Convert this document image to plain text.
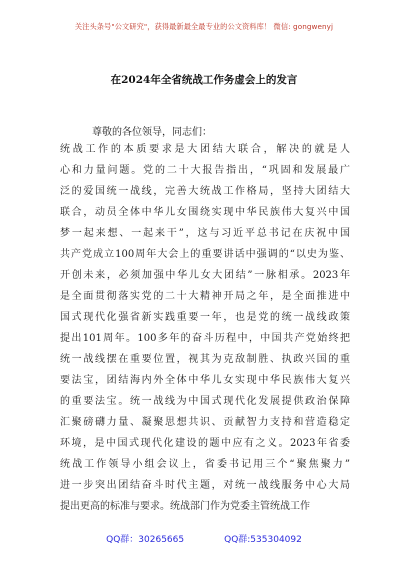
关注头条号"公文研究"，获得最新最全最专业的公文资料库！ 微信: gongwenyj
在2024年全省统战工作务虚会上的发言
尊敬的各位领导，同志们：
统战工作的本质要求是大团结大联合，解决的就是人
心和力量问题。党的二十大报告指出，“巩固和发展最广
泛的爱国统一战线，完善大统战工作格局，坚持大团结大
联合，动员全体中华儿女围绕实现中华民族伟大复兴中国
梦一起来想、一起来干”，这与习近平总书记在庆祝中国
共产党成立100周年大会上的重要讲话中强调的“以史为鉴、
开创未来，必须加强中华儿女大团结”一脉相承。2023年
是全面贯彻落实党的二十大精神开局之年，是全面推进中
国式现代化强省新实践重要一年，也是党的统一战线政策
提出101周年。100多年的奋斗历程中，中国共产党始终把
统一战线摆在重要位置，视其为克敌制胜、执政兴国的重
要法宝，团结海内外全体中华儿女实现中华民族伟大复兴
的重要法宝。统一战线为中国式现代化发展提供政治保障
汇聚磅礴力量、凝聚思想共识、贡献智力支持和营造稳定
环境，是中国式现代化建设的题中应有之义。2023年省委
统战工作领导小组会议上，省委书记用三个“聚焦聚力”
进一步突出团结奋斗时代主题，对统一战线服务中心大局
提出更高的标准与要求。统战部门作为党委主管统战工作
QQ群：30265665	QQ群:535304092
